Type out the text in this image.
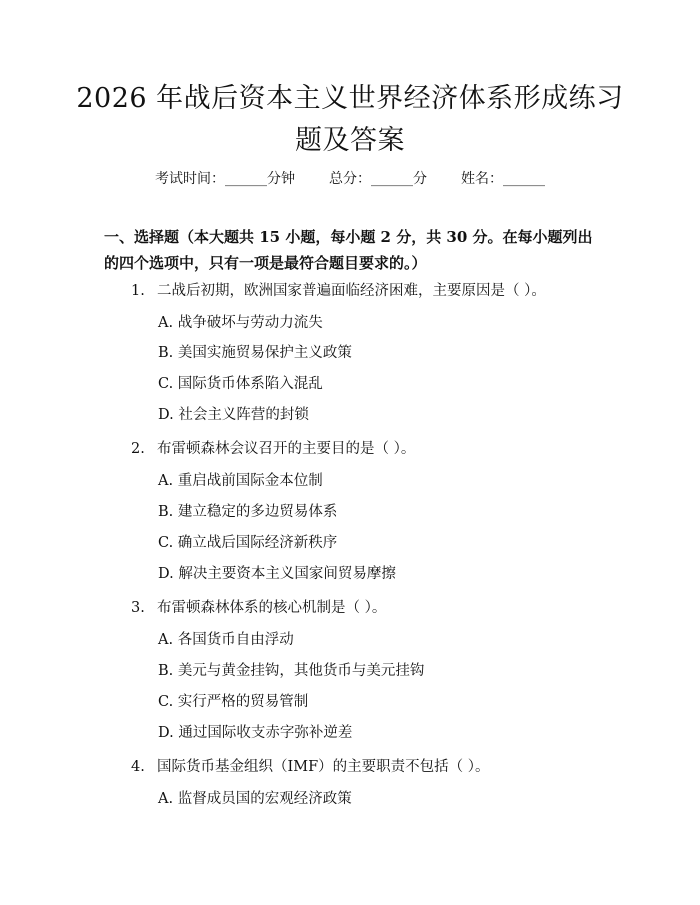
2026 年战后资本主义世界经济体系形成练习
题及答案
考试时间：______分钟 总分：______分 姓名：______
一、选择题（本大题共 15 小题，每小题 2 分，共 30 分。在每小题列出的四个选项中，只有一项是最符合题目要求的。）
1. 二战后初期，欧洲国家普遍面临经济困难，主要原因是（ ）。
A. 战争破坏与劳动力流失
B. 美国实施贸易保护主义政策
C. 国际货币体系陷入混乱
D. 社会主义阵营的封锁
2. 布雷顿森林会议召开的主要目的是（ ）。
A. 重启战前国际金本位制
B. 建立稳定的多边贸易体系
C. 确立战后国际经济新秩序
D. 解决主要资本主义国家间贸易摩擦
3. 布雷顿森林体系的核心机制是（ ）。
A. 各国货币自由浮动
B. 美元与黄金挂钩，其他货币与美元挂钩
C. 实行严格的贸易管制
D. 通过国际收支赤字弥补逆差
4. 国际货币基金组织（IMF）的主要职责不包括（ ）。
A. 监督成员国的宏观经济政策
